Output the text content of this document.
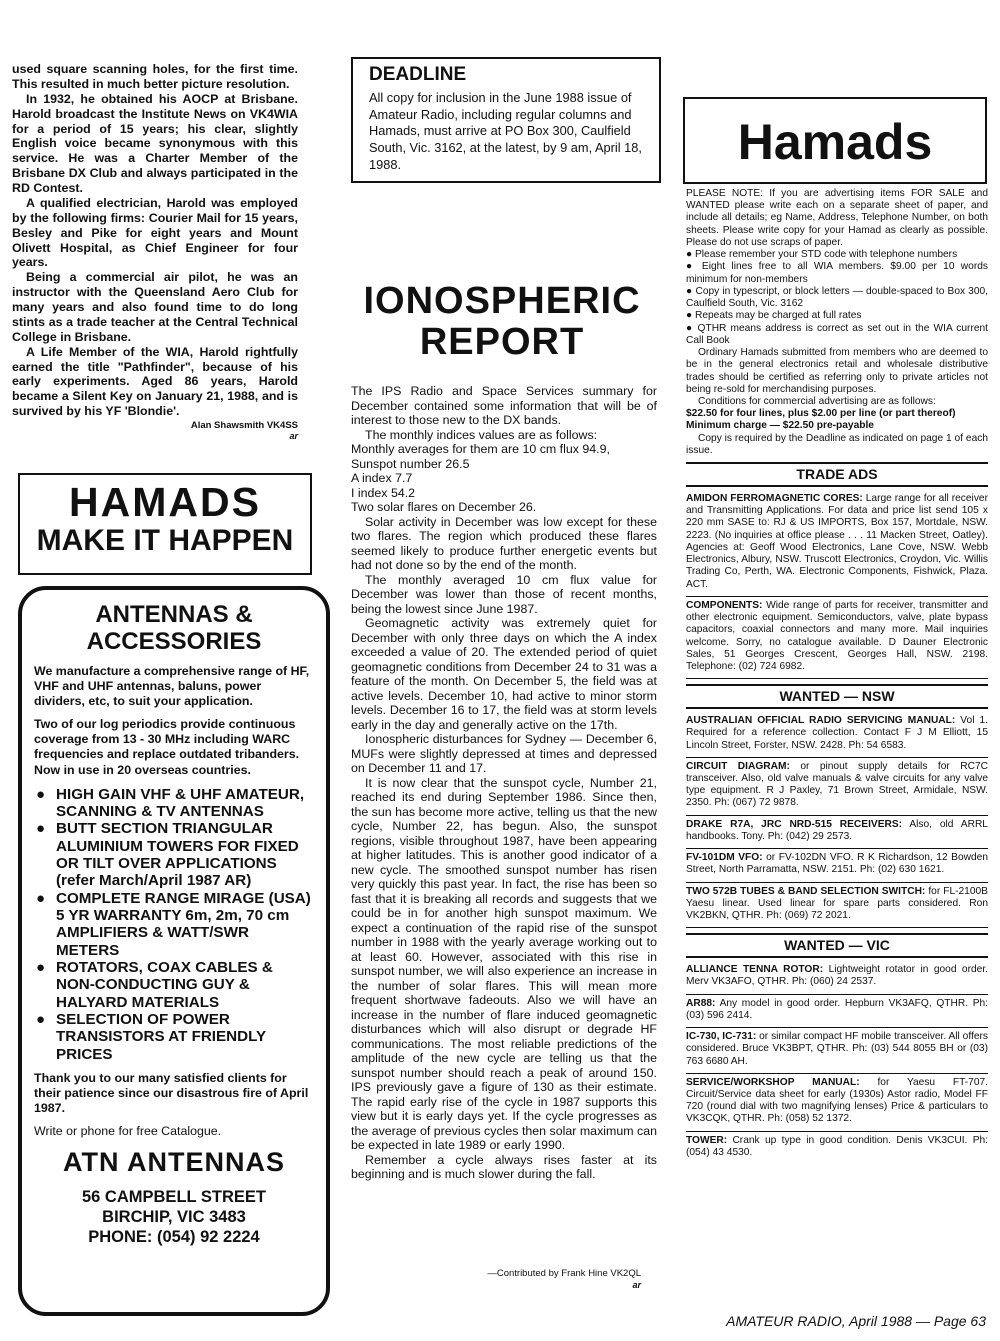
used square scanning holes, for the first time. This resulted in much better picture resolution.

In 1932, he obtained his AOCP at Brisbane. Harold broadcast the Institute News on VK4WIA for a period of 15 years; his clear, slightly English voice became synonymous with this service. He was a Charter Member of the Brisbane DX Club and always participated in the RD Contest.

A qualified electrician, Harold was employed by the following firms: Courier Mail for 15 years, Besley and Pike for eight years and Mount Olivett Hospital, as Chief Engineer for four years.

Being a commercial air pilot, he was an instructor with the Queensland Aero Club for many years and also found time to do long stints as a trade teacher at the Central Technical College in Brisbane.

A Life Member of the WIA, Harold rightfully earned the title "Pathfinder", because of his early experiments. Aged 86 years, Harold became a Silent Key on January 21, 1988, and is survived by his YF 'Blondie'.

Alan Shawsmith VK4SS
ar
HAMADS
MAKE IT HAPPEN
ANTENNAS &
ACCESSORIES

We manufacture a comprehensive range of HF, VHF and UHF antennas, baluns, power dividers, etc, to suit your application.

Two of our log periodics provide continuous coverage from 13 - 30 MHz including WARC frequencies and replace outdated tribanders. Now in use in 20 overseas countries.

● HIGH GAIN VHF & UHF AMATEUR, SCANNING & TV ANTENNAS
● BUTT SECTION TRIANGULAR ALUMINIUM TOWERS FOR FIXED OR TILT OVER APPLICATIONS (refer March/April 1987 AR)
● COMPLETE RANGE MIRAGE (USA) 5 YR WARRANTY 6m, 2m, 70 cm AMPLIFIERS & WATT/SWR METERS
● ROTATORS, COAX CABLES & NON-CONDUCTING GUY & HALYARD MATERIALS
● SELECTION OF POWER TRANSISTORS AT FRIENDLY PRICES

Thank you to our many satisfied clients for their patience since our disastrous fire of April 1987.

Write or phone for free Catalogue.

ATN ANTENNAS
56 CAMPBELL STREET
BIRCHIP, VIC 3483
PHONE: (054) 92 2224
DEADLINE

All copy for inclusion in the June 1988 issue of Amateur Radio, including regular columns and Hamads, must arrive at PO Box 300, Caulfield South, Vic. 3162, at the latest, by 9 am, April 18, 1988.

IONOSPHERIC
REPORT

The IPS Radio and Space Services summary for December contained some information that will be of interest to those new to the DX bands.

The monthly indices values are as follows:

Monthly averages for them are 10 cm flux 94.9,

Sunspot number 26.5

A index 7.7

I index 54.2

Two solar flares on December 26.

Solar activity in December was low except for these two flares. The region which produced these flares seemed likely to produce further energetic events but had not done so by the end of the month.

The monthly averaged 10 cm flux value for December was lower than those of recent months, being the lowest since June 1987.

Geomagnetic activity was extremely quiet for December with only three days on which the A index exceeded a value of 20. The extended period of quiet geomagnetic conditions from December 24 to 31 was a feature of the month. On December 5, the field was at active levels. December 10, had active to minor storm levels. December 16 to 17, the field was at storm levels early in the day and generally active on the 17th.

Ionospheric disturbances for Sydney — December 6, MUFs were slightly depressed at times and depressed on December 11 and 17.

It is now clear that the sunspot cycle, Number 21, reached its end during September 1986. Since then, the sun has become more active, telling us that the new cycle, Number 22, has begun. Also, the sunspot regions, visible throughout 1987, have been appearing at higher latitudes. This is another good indicator of a new cycle. The smoothed sunspot number has risen very quickly this past year. In fact, the rise has been so fast that it is breaking all records and suggests that we could be in for another high sunspot maximum. We expect a continuation of the rapid rise of the sunspot number in 1988 with the yearly average working out to at least 60. However, associated with this rise in sunspot number, we will also experience an increase in the number of solar flares. This will mean more frequent shortwave fadeouts. Also we will have an increase in the number of flare induced geomagnetic disturbances which will also disrupt or degrade HF communications. The most reliable predictions of the amplitude of the new cycle are telling us that the sunspot number should reach a peak of around 150. IPS previously gave a figure of 130 as their estimate. The rapid early rise of the cycle in 1987 supports this view but it is early days yet. If the cycle progresses as the average of previous cycles then solar maximum can be expected in late 1989 or early 1990.

Remember a cycle always rises faster at its beginning and is much slower during the fall.

—Contributed by Frank Hine VK2QL
ar
Hamads

PLEASE NOTE: If you are advertising items FOR SALE and WANTED please write each on a separate sheet of paper, and include all details; eg Name, Address, Telephone Number, on both sheets. Please write copy for your Hamad as clearly as possible. Please do not use scraps of paper.

● Please remember your STD code with telephone numbers

● Eight lines free to all WIA members. $9.00 per 10 words minimum for non-members

● Copy in typescript, or block letters — double-spaced to Box 300, Caulfield South, Vic. 3162

● Repeats may be charged at full rates

● QTHR means address is correct as set out in the WIA current Call Book

Ordinary Hamads submitted from members who are deemed to be in the general electronics retail and wholesale distributive trades should be certified as referring only to private articles not being re-sold for merchandising purposes.

Conditions for commercial advertising are as follows:

$22.50 for four lines, plus $2.00 per line (or part thereof)

Minimum charge — $22.50 pre-payable

Copy is required by the Deadline as indicated on page 1 of each issue.

TRADE ADS
AMIDON FERROMAGNETIC CORES: Large range for all receiver and Transmitting Applications. For data and price list send 105 x 220 mm SASE to: RJ & US IMPORTS, Box 157, Mortdale, NSW. 2223. (No inquiries at office please . . . 11 Macken Street, Oatley). Agencies at: Geoff Wood Electronics, Lane Cove, NSW. Webb Electronics, Albury, NSW. Truscott Electronics, Croydon, Vic. Willis Trading Co, Perth, WA. Electronic Components, Fishwick, Plaza. ACT.
COMPONENTS: Wide range of parts for receiver, transmitter and other electronic equipment. Semiconductors, valve, plate bypass capacitors, coaxial connectors and many more. Mail inquiries welcome. Sorry, no catalogue available. D Dauner Electronic Sales, 51 Georges Crescent, Georges Hall, NSW. 2198. Telephone: (02) 724 6982.
WANTED — NSW
AUSTRALIAN OFFICIAL RADIO SERVICING MANUAL: Vol 1. Required for a reference collection. Contact F J M Elliott, 15 Lincoln Street, Forster, NSW. 2428. Ph: 54 6583.
CIRCUIT DIAGRAM: or pinout supply details for RC7C transceiver. Also, old valve manuals & valve circuits for any valve type equipment. R J Paxley, 71 Brown Street, Armidale, NSW. 2350. Ph: (067) 72 9878.
DRAKE R7A, JRC NRD-515 RECEIVERS: Also, old ARRL handbooks. Tony. Ph: (042) 29 2573.
FV-101DM VFO: or FV-102DN VFO. R K Richardson, 12 Bowden Street, North Parramatta, NSW. 2151. Ph: (02) 630 1621.
TWO 572B TUBES & BAND SELECTION SWITCH: for FL-2100B Yaesu linear. Used linear for spare parts considered. Ron VK2BKN, QTHR. Ph: (069) 72 2021.
WANTED — VIC
ALLIANCE TENNA ROTOR: Lightweight rotator in good order. Merv VK3AFO, QTHR. Ph: (060) 24 2537.
AR88: Any model in good order. Hepburn VK3AFQ, QTHR. Ph: (03) 596 2414.
IC-730, IC-731: or similar compact HF mobile transceiver. All offers considered. Bruce VK3BPT, QTHR. Ph: (03) 544 8055 BH or (03) 763 6680 AH.
SERVICE/WORKSHOP MANUAL: for Yaesu FT-707. Circuit/Service data sheet for early (1930s) Astor radio, Model FF 720 (round dial with two magnifying lenses) Price & particulars to VK3CQK, QTHR. Ph: (058) 52 1372.
TOWER: Crank up type in good condition. Denis VK3CUI. Ph: (054) 43 4530.
AMATEUR RADIO, April 1988 — Page 63
